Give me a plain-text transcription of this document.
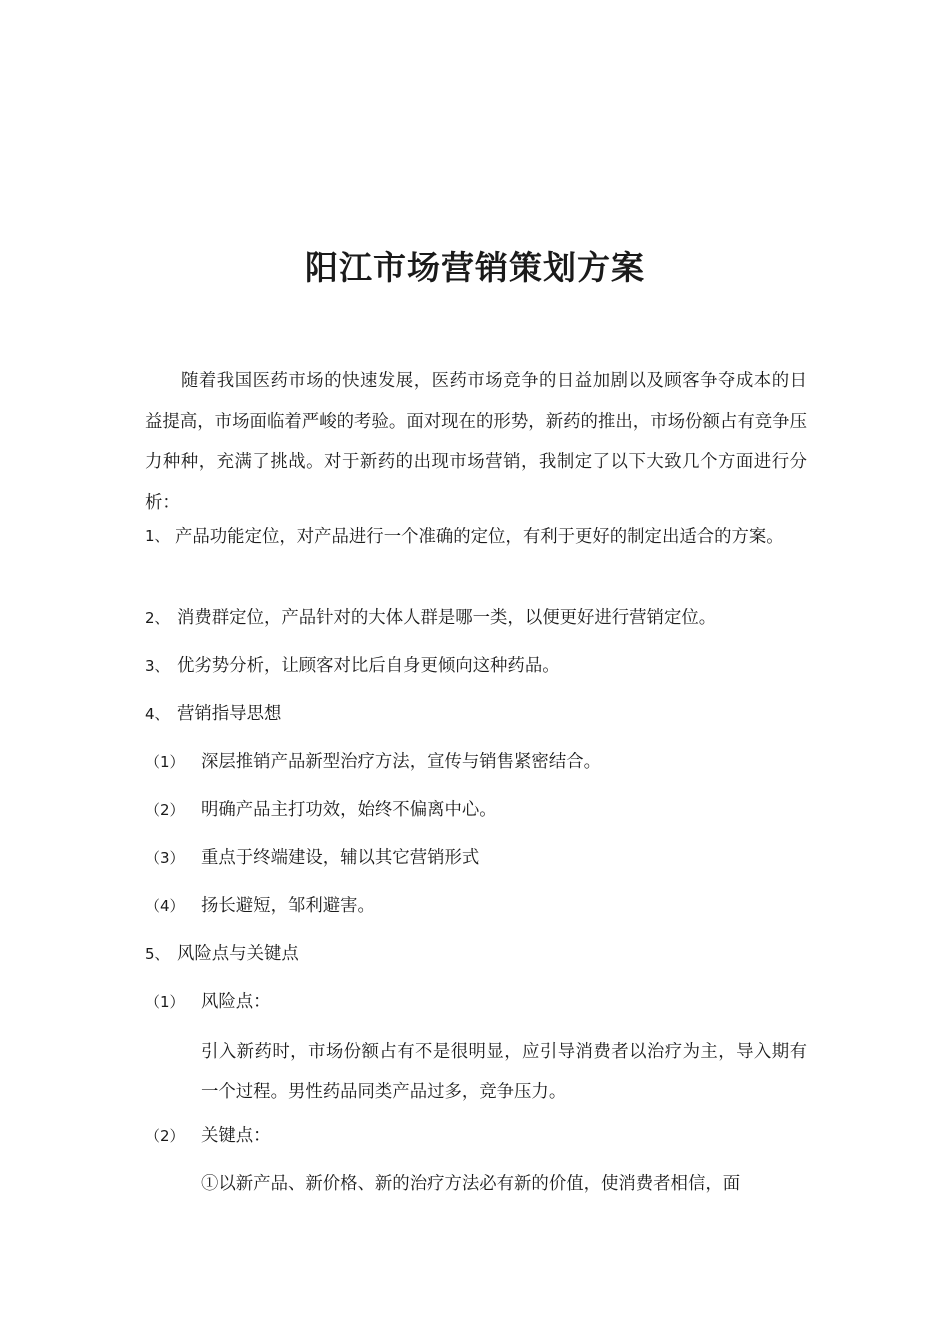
阳江市场营销策划方案

随着我国医药市场的快速发展，医药市场竞争的日益加剧以及顾客争夺成本的日益提高，市场面临着严峻的考验。面对现在的形势，新药的推出，市场份额占有竞争压力种种，充满了挑战。对于新药的出现市场营销，我制定了以下大致几个方面进行分析：

1、 产品功能定位，对产品进行一个准确的定位，有利于更好的制定出适合的方案。
2、 消费群定位，产品针对的大体人群是哪一类，以便更好进行营销定位。
3、 优劣势分析，让顾客对比后自身更倾向这种药品。
4、 营销指导思想
（1） 深层推销产品新型治疗方法，宣传与销售紧密结合。
（2） 明确产品主打功效，始终不偏离中心。
（3） 重点于终端建设，辅以其它营销形式
（4） 扬长避短，邹利避害。
5、 风险点与关键点
（1） 风险点：
引入新药时，市场份额占有不是很明显，应引导消费者以治疗为主，导入期有一个过程。男性药品同类产品过多，竞争压力。
（2） 关键点：
①以新产品、新价格、新的治疗方法必有新的价值，使消费者相信，面
